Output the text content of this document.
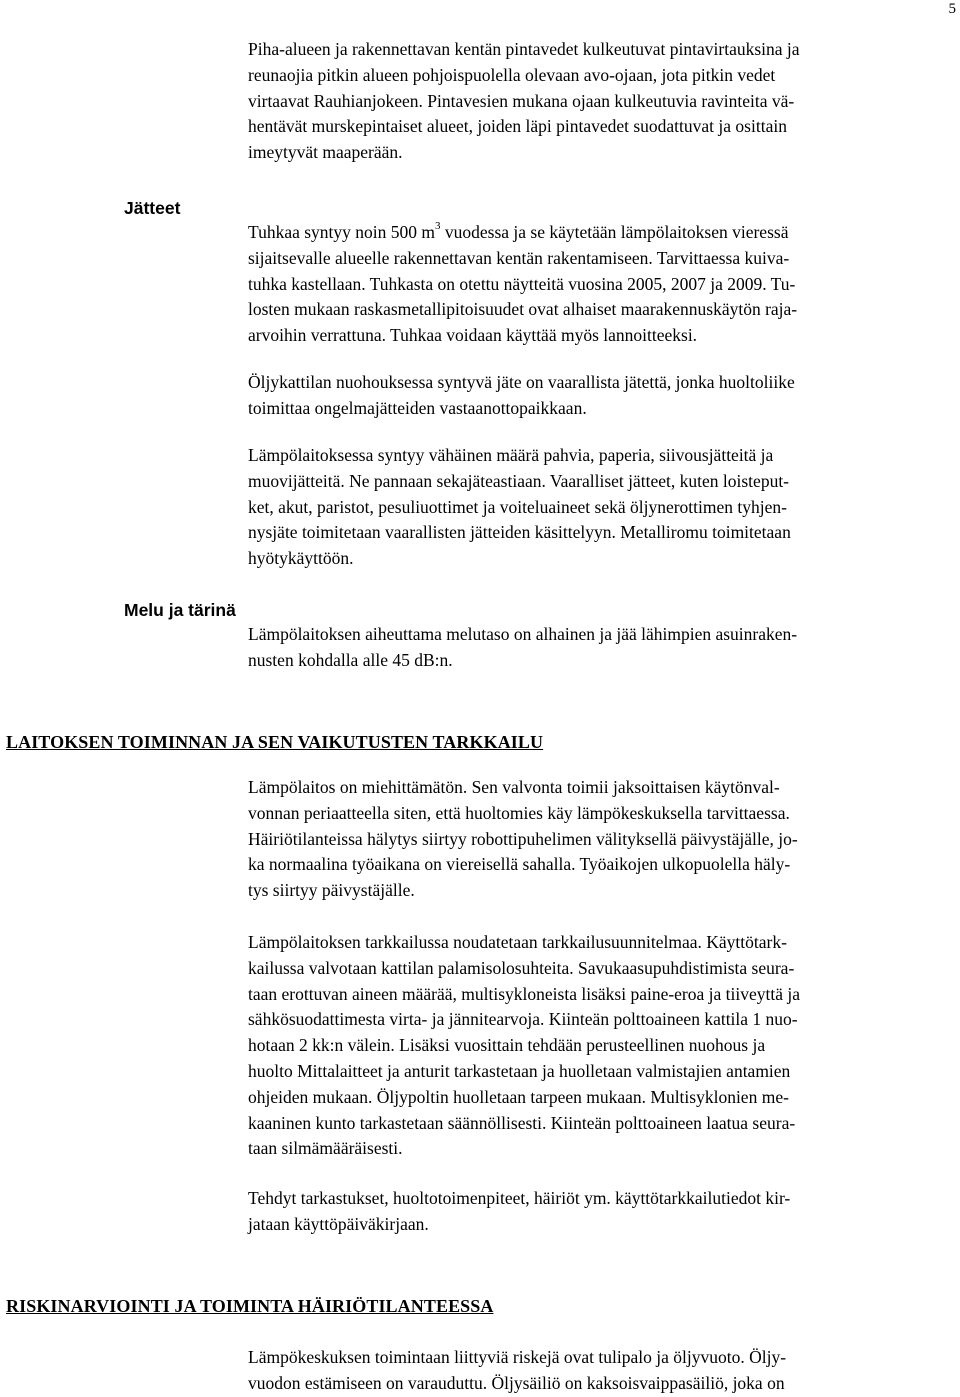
5
Piha-alueen ja rakennettavan kentän pintavedet kulkeutuvat pintavirtauksina ja
reunaojia pitkin alueen pohjoispuolella olevaan avo-ojaan, jota pitkin vedet
virtaavat Rauhianjokeen. Pintavesien mukana ojaan kulkeutuvia ravinteita vä-
hentävät murskepintaiset alueet, joiden läpi pintavedet suodattuvat ja osittain
imeytyvät maaperään.
Jätteet
Tuhkaa syntyy noin 500 $m^3$ vuodessa ja se käytetään lämpölaitoksen vieressä
sijaitsevalle alueelle rakennettavan kentän rakentamiseen. Tarvittaessa kuiva-
tuhka kastellaan. Tuhkasta on otettu näytteitä vuosina 2005, 2007 ja 2009. Tu-
losten mukaan raskasmetallipitoisuudet ovat alhaiset maarakennuskäytön raja-
arvoihin verrattuna. Tuhkaa voidaan käyttää myös lannoitteeksi.
Öljykattilan nuohouksessa syntyvä jäte on vaarallista jätettä, jonka huoltoliike
toimittaa ongelmajätteiden vastaanottopaikkaan.
Lämpölaitoksessa syntyy vähäinen määrä pahvia, paperia, siivousjätteitä ja
muovijätteitä. Ne pannaan sekajäteastiaan. Vaaralliset jätteet, kuten loisteput-
ket, akut, paristot, pesuliuottimet ja voiteluaineet sekä öljynerottimen tyhjen-
nysjäte toimitetaan vaarallisten jätteiden käsittelyyn. Metalliromu toimitetaan
hyötykäyttöön.
Melu ja tärinä
Lämpölaitoksen aiheuttama melutaso on alhainen ja jää lähimpien asuinraken-
nusten kohdalla alle 45 dB:n.
LAITOKSEN TOIMINNAN JA SEN VAIKUTUSTEN TARKKAILU
Lämpölaitos on miehittämätön. Sen valvonta toimii jaksoittaisen käytönval-
vonnan periaatteella siten, että huoltomies käy lämpökeskuksella tarvittaessa.
Häiriötilanteissa hälytys siirtyy robottipuhelimen välityksellä päivystäjälle, jo-
ka normaalina työaikana on viereisellä sahalla. Työaikojen ulkopuolella häly-
tys siirtyy päivystäjälle.
Lämpölaitoksen tarkkailussa noudatetaan tarkkailusuunnitelmaa. Käyttötark-
kailussa valvotaan kattilan palamisolosuhteita. Savukaasupuhdistimista seura-
taan erottuvan aineen määrää, multisykloneista lisäksi paine-eroa ja tiiveyttä ja
sähkösuodattimesta virta- ja jännitearvoja. Kiinteän polttoaineen kattila 1 nuo-
hotaan 2 kk:n välein. Lisäksi vuosittain tehdään perusteellinen nuohous ja
huolto Mittalaitteet ja anturit tarkastetaan ja huolletaan valmistajien antamien
ohjeiden mukaan. Öljypoltin huolletaan tarpeen mukaan. Multisyklonien me-
kaaninen kunto tarkastetaan säännöllisesti. Kiinteän polttoaineen laatua seura-
taan silmämääräisesti.
Tehdyt tarkastukset, huoltotoimenpiteet, häiriöt ym. käyttötarkkailutiedot kir-
jataan käyttöpäiväkirjaan.
RISKINARVIOINTI JA TOIMINTA HÄIRIÖTILANTEESSA
Lämpökeskuksen toimintaan liittyviä riskejä ovat tulipalo ja öljyvuoto. Öljy-
vuodon estämiseen on varauduttu. Öljysäiliö on kaksoisvaippasäiliö, joka on
